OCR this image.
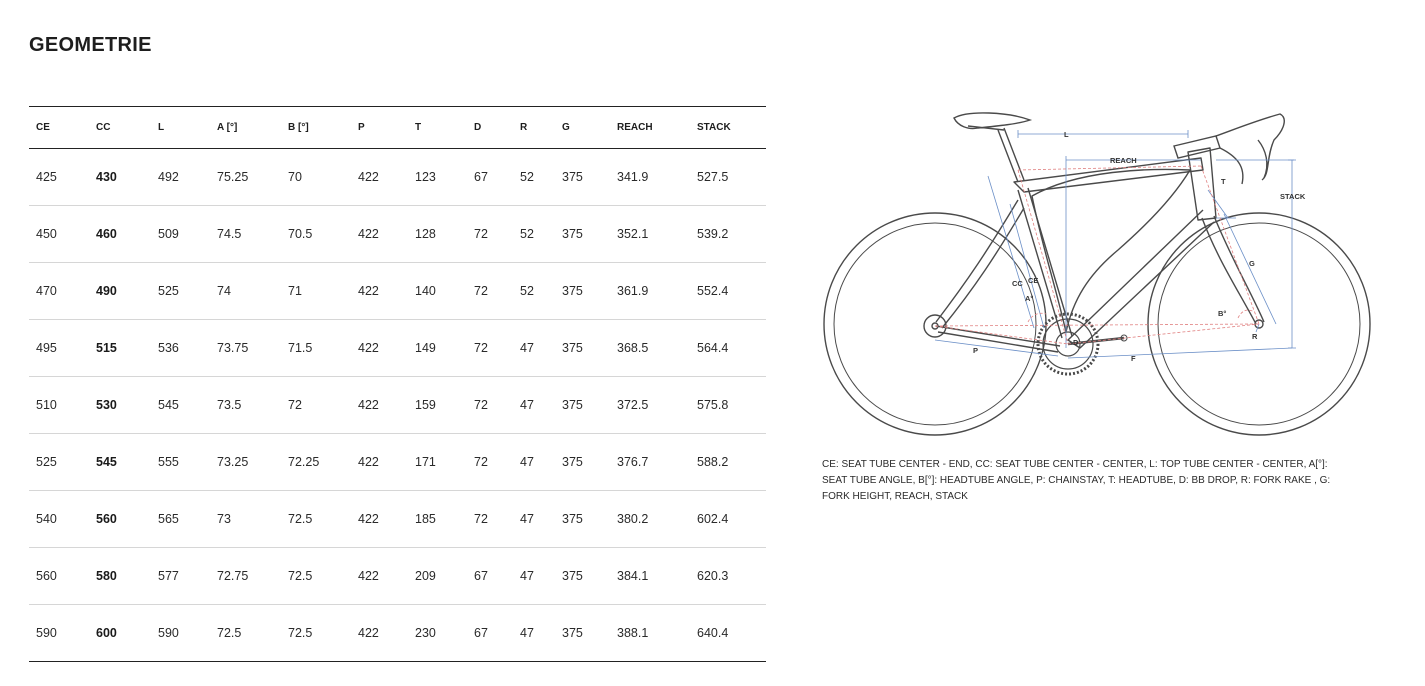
GEOMETRIE
CE	CC	L	A [°]	B [°]	P	T	D	R	G	REACH	STACK
425	430	492	75.25	70	422	123	67	52	375	341.9	527.5
450	460	509	74.5	70.5	422	128	72	52	375	352.1	539.2
470	490	525	74	71	422	140	72	52	375	361.9	552.4
495	515	536	73.75	71.5	422	149	72	47	375	368.5	564.4
510	530	545	73.5	72	422	159	72	47	375	372.5	575.8
525	545	555	73.25	72.25	422	171	72	47	375	376.7	588.2
540	560	565	73	72.5	422	185	72	47	375	380.2	602.4
560	580	577	72.75	72.5	422	209	67	47	375	384.1	620.3
590	600	590	72.5	72.5	422	230	67	47	375	388.1	640.4
L
REACH
STACK
T
G
CC CE
A°
B°
P
D
F
R
CE: SEAT TUBE CENTER - END, CC: SEAT TUBE CENTER - CENTER, L: TOP TUBE CENTER - CENTER, A[°]: SEAT TUBE ANGLE, B[°]: HEADTUBE ANGLE, P: CHAINSTAY, T: HEADTUBE, D: BB DROP, R: FORK RAKE , G: FORK HEIGHT, REACH, STACK
